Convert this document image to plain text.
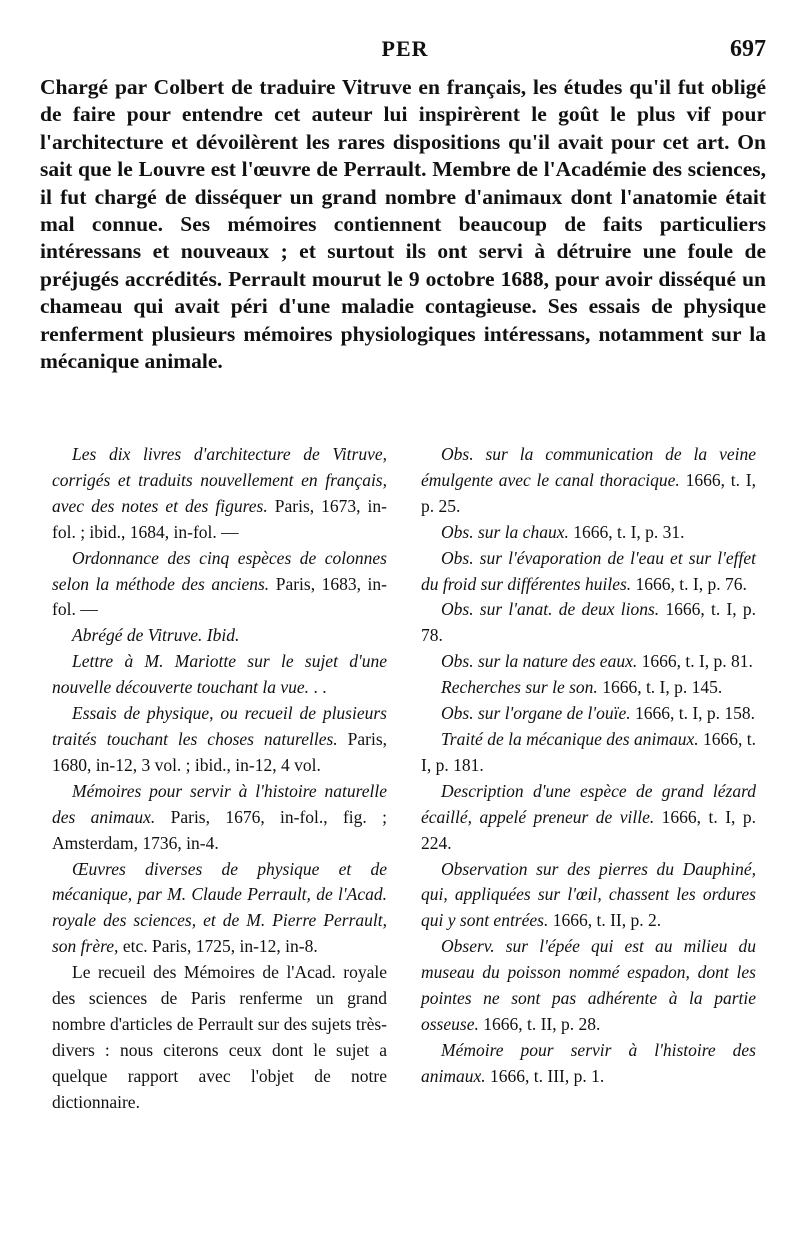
PER	697

Chargé par Colbert de traduire Vitruve en français, les études qu'il fut obligé de faire pour entendre cet auteur lui inspirèrent le goût le plus vif pour l'architecture et dévoilèrent les rares dispositions qu'il avait pour cet art. On sait que le Louvre est l'œuvre de Perrault. Membre de l'Académie des sciences, il fut chargé de disséquer un grand nombre d'animaux dont l'anatomie était mal connue. Ses mémoires contiennent beaucoup de faits particuliers intéressans et nouveaux ; et surtout ils ont servi à détruire une foule de préjugés accrédités. Perrault mourut le 9 octobre 1688, pour avoir disséqué un chameau qui avait péri d'une maladie contagieuse. Ses essais de physique renferment plusieurs mémoires physiologiques intéressans, notamment sur la mécanique animale.

Les dix livres d'architecture de Vitruve, corrigés et traduits nouvellement en français, avec des notes et des figures. Paris, 1673, in-fol. ; ibid., 1684, in-fol. —

Ordonnance des cinq espèces de colonnes selon la méthode des anciens. Paris, 1683, in-fol. —

Abrégé de Vitruve. Ibid.

Lettre à M. Mariotte sur le sujet d'une nouvelle découverte touchant la vue. . .

Essais de physique, ou recueil de plusieurs traités touchant les choses naturelles. Paris, 1680, in-12, 3 vol. ; ibid., in-12, 4 vol.

Mémoires pour servir à l'histoire naturelle des animaux. Paris, 1676, in-fol., fig. ; Amsterdam, 1736, in-4.

Œuvres diverses de physique et de mécanique, par M. Claude Perrault, de l'Acad. royale des sciences, et de M. Pierre Perrault, son frère, etc. Paris, 1725, in-12, in-8.

Le recueil des Mémoires de l'Acad. royale des sciences de Paris renferme un grand nombre d'articles de Perrault sur des sujets très-divers : nous citerons ceux dont le sujet a quelque rapport avec l'objet de notre dictionnaire.

Obs. sur la communication de la veine émulgente avec le canal thoracique. 1666, t. I, p. 25.

Obs. sur la chaux. 1666, t. I, p. 31.

Obs. sur l'évaporation de l'eau et sur l'effet du froid sur différentes huiles. 1666, t. I, p. 76.

Obs. sur l'anat. de deux lions. 1666, t. I, p. 78.

Obs. sur la nature des eaux. 1666, t. I, p. 81.

Recherches sur le son. 1666, t. I, p. 145.

Obs. sur l'organe de l'ouïe. 1666, t. I, p. 158.

Traité de la mécanique des animaux. 1666, t. I, p. 181.

Description d'une espèce de grand lézard écaillé, appelé preneur de ville. 1666, t. I, p. 224.

Observation sur des pierres du Dauphiné, qui, appliquées sur l'œil, chassent les ordures qui y sont entrées. 1666, t. II, p. 2.

Observ. sur l'épée qui est au milieu du museau du poisson nommé espadon, dont les pointes ne sont pas adhérente à la partie osseuse. 1666, t. II, p. 28.

Mémoire pour servir à l'histoire des animaux. 1666, t. III, p. 1.
